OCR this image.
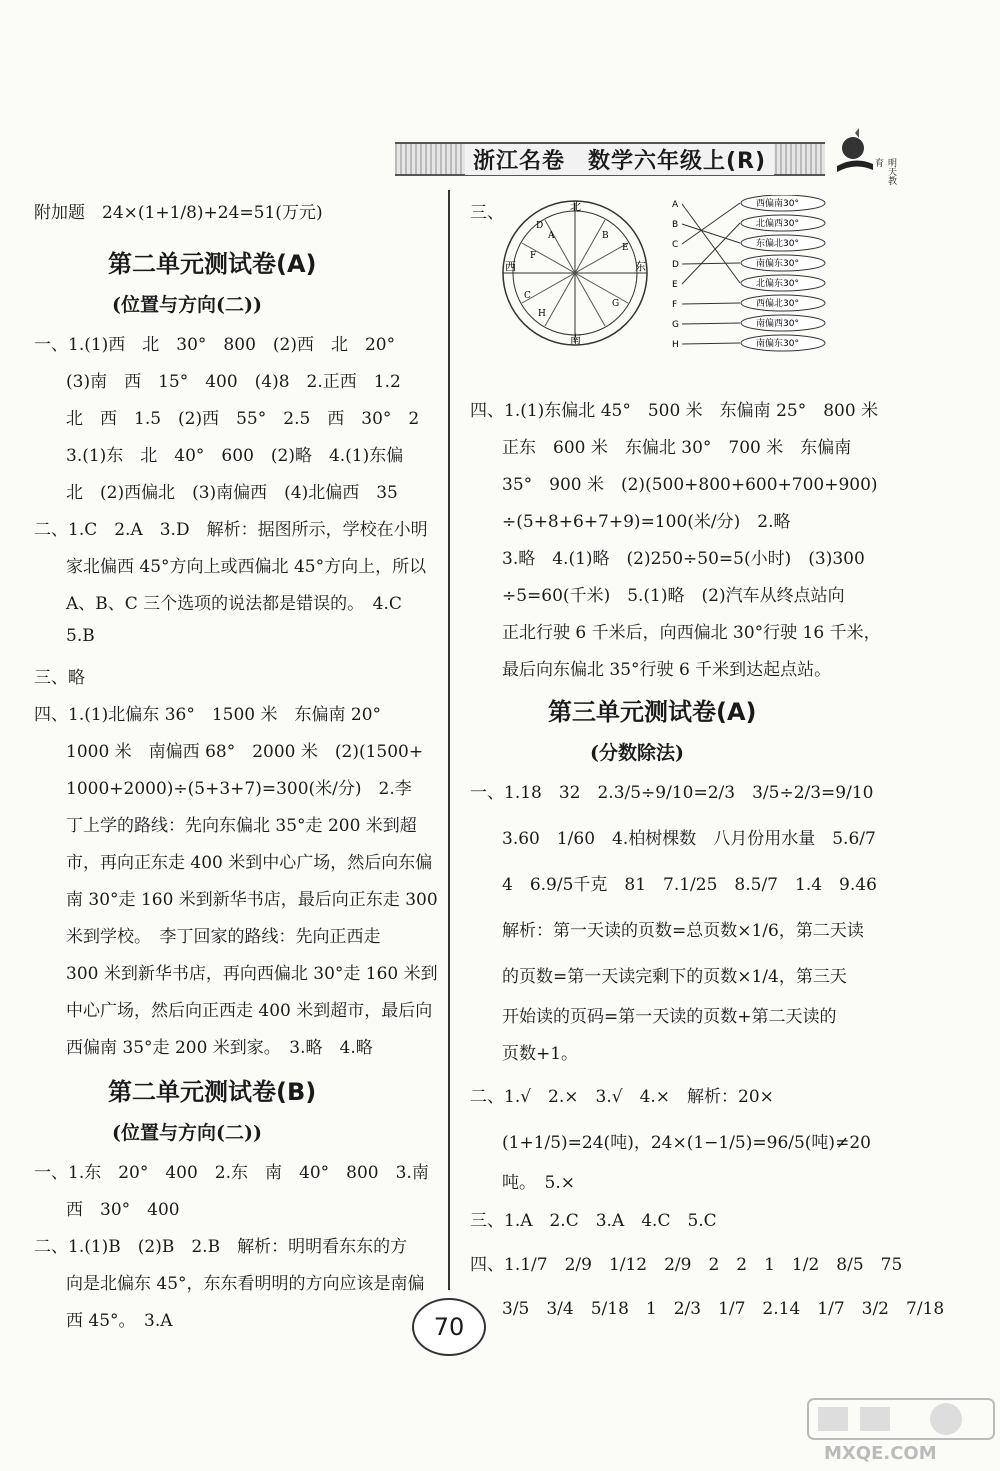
浙江名卷　数学六年级上(R)	明天教育
附加题　24×(1+1/8)+24=51(万元)
第二单元测试卷(A)
(位置与方向(二))
一、1.(1)西　北　30°　800　(2)西　北　20°
(3)南　西　15°　400　(4)8　2.正西　1.2
北　西　1.5　(2)西　55°　2.5　西　30°　2
3.(1)东　北　40°　600　(2)略　4.(1)东偏
北　(2)西偏北　(3)南偏西　(4)北偏西　35
二、1.C　2.A　3.D　解析：据图所示，学校在小明
家北偏西 45°方向上或西偏北 45°方向上，所以
A、B、C 三个选项的说法都是错误的。　4.C
5.B
三、略
四、1.(1)北偏东 36°　1500 米　东偏南 20°
1000 米　南偏西 68°　2000 米　(2)(1500+
1000+2000)÷(5+3+7)=300(米/分)　2.李
丁上学的路线：先向东偏北 35°走 200 米到超
市，再向正东走 400 米到中心广场，然后向东偏
南 30°走 160 米到新华书店，最后向正东走 300
米到学校。　李丁回家的路线：先向正西走
300 米到新华书店，再向西偏北 30°走 160 米到
中心广场，然后向正西走 400 米到超市，最后向
西偏南 35°走 200 米到家。　3.略　4.略
第二单元测试卷(B)
(位置与方向(二))
一、1.东　20°　400　2.东　南　40°　800　3.南
西　30°　400
二、1.(1)B　(2)B　2.B　解析：明明看东东的方
向是北偏东 45°，东东看明明的方向应该是南偏
西 45°。　3.A
三、	北
南
东
西
D
A	B
E
F
C
H
G
A
B
C
D
E
F
G
H
西偏南30°
北偏西30°
东偏北30°
南偏东30°
北偏东30°
西偏北30°
南偏西30°
南偏东30°
四、1.(1)东偏北 45°　500 米　东偏南 25°　800 米
正东　600 米　东偏北 30°　700 米　东偏南
35°　900 米　(2)(500+800+600+700+900)
÷(5+8+6+7+9)=100(米/分)　2.略
3.略　4.(1)略　(2)250÷50=5(小时)　(3)300
÷5=60(千米)　5.(1)略　(2)汽车从终点站向
正北行驶 6 千米后，向西偏北 30°行驶 16 千米，
最后向东偏北 35°行驶 6 千米到达起点站。
第三单元测试卷(A)
(分数除法)
一、1.18　32　2.3/5÷9/10=2/3　3/5÷2/3=9/10
3.60　1/60　4.柏树棵数　八月份用水量　5.6/7
4　6.9/5千克　81　7.1/25　8.5/7　1.4　9.46
解析：第一天读的页数=总页数×1/6，第二天读
的页数=第一天读完剩下的页数×1/4，第三天
开始读的页码=第一天读的页数+第二天读的
页数+1。
二、1.√　2.×　3.√　4.×　解析：20×
(1+1/5)=24(吨)，24×(1−1/5)=96/5(吨)≠20
吨。　5.×
三、1.A　2.C　3.A　4.C　5.C
四、1.1/7　2/9　1/12　2/9　2　2　1　1/2　8/5　75
3/5　3/4　5/18　1　2/3　1/7　2.14　1/7　3/2　7/18
70
MXQE.COM
